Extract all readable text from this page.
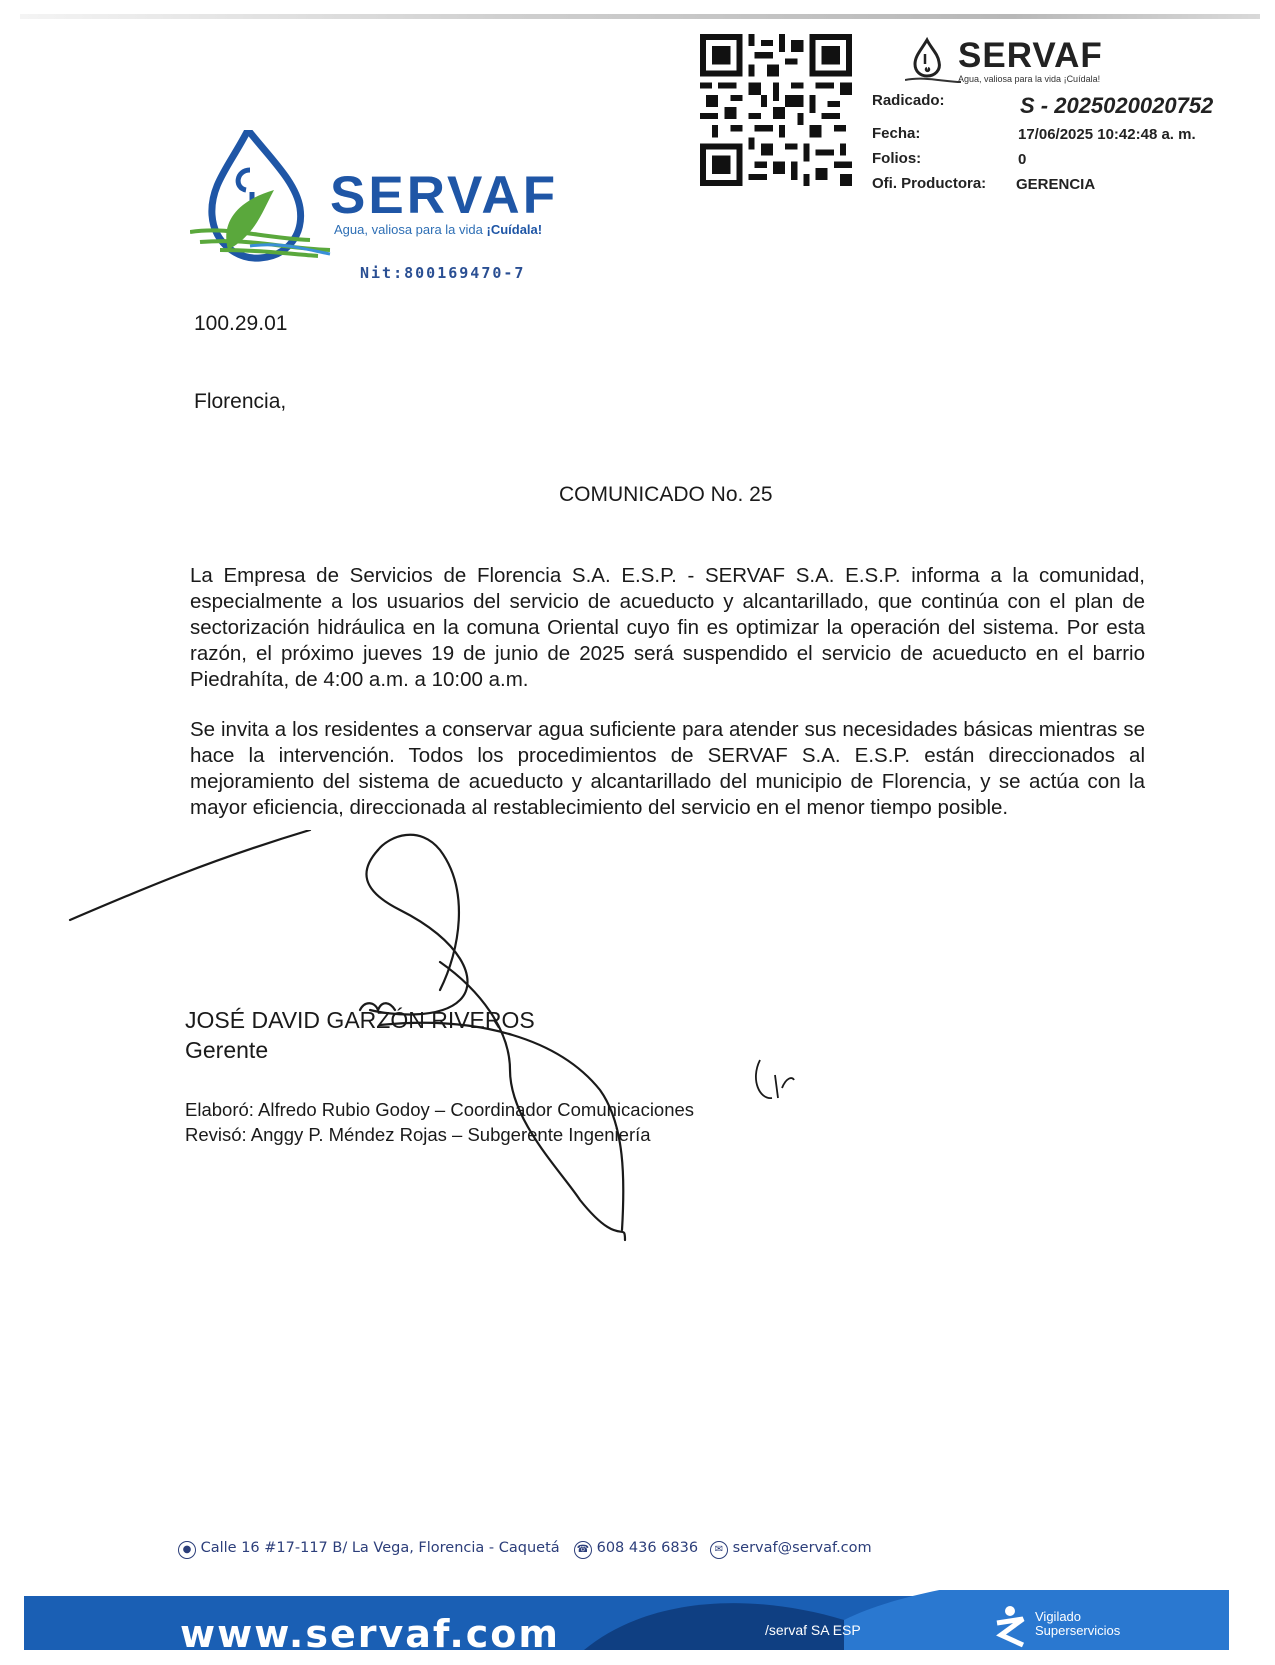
SERVAF
Agua, valiosa para la vida ¡Cuídala!
Nit:800169470-7
SERVAF
Agua, valiosa para la vida ¡Cuídala!
Radicado:	S - 2025020020752
Fecha:	17/06/2025 10:42:48 a. m.
Folios:	0
Ofi. Productora: GERENCIA
100.29.01
Florencia,
COMUNICADO No. 25
La Empresa de Servicios de Florencia S.A. E.S.P. - SERVAF S.A. E.S.P. informa a la comunidad, especialmente a los usuarios del servicio de acueducto y alcantarillado, que continúa con el plan de sectorización hidráulica en la comuna Oriental cuyo fin es optimizar la operación del sistema. Por esta razón, el próximo jueves 19 de junio de 2025 será suspendido el servicio de acueducto en el barrio Piedrahíta, de 4:00 a.m. a 10:00 a.m.
Se invita a los residentes a conservar agua suficiente para atender sus necesidades básicas mientras se hace la intervención. Todos los procedimientos de SERVAF S.A. E.S.P. están direccionados al mejoramiento del sistema de acueducto y alcantarillado del municipio de Florencia, y se actúa con la mayor eficiencia, direccionada al restablecimiento del servicio en el menor tiempo posible.
JOSÉ DAVID GARZÓN RIVEROS
Gerente
Elaboró: Alfredo Rubio Godoy – Coordinador Comunicaciones
Revisó: Anggy P. Méndez Rojas – Subgerente Ingeniería
● Calle 16 #17-117 B/ La Vega, Florencia - Caquetá ☎ 608 436 6836	✉ servaf@servaf.com
www.servaf.com	/servaf SA ESP
Vigilado
Superservicios
